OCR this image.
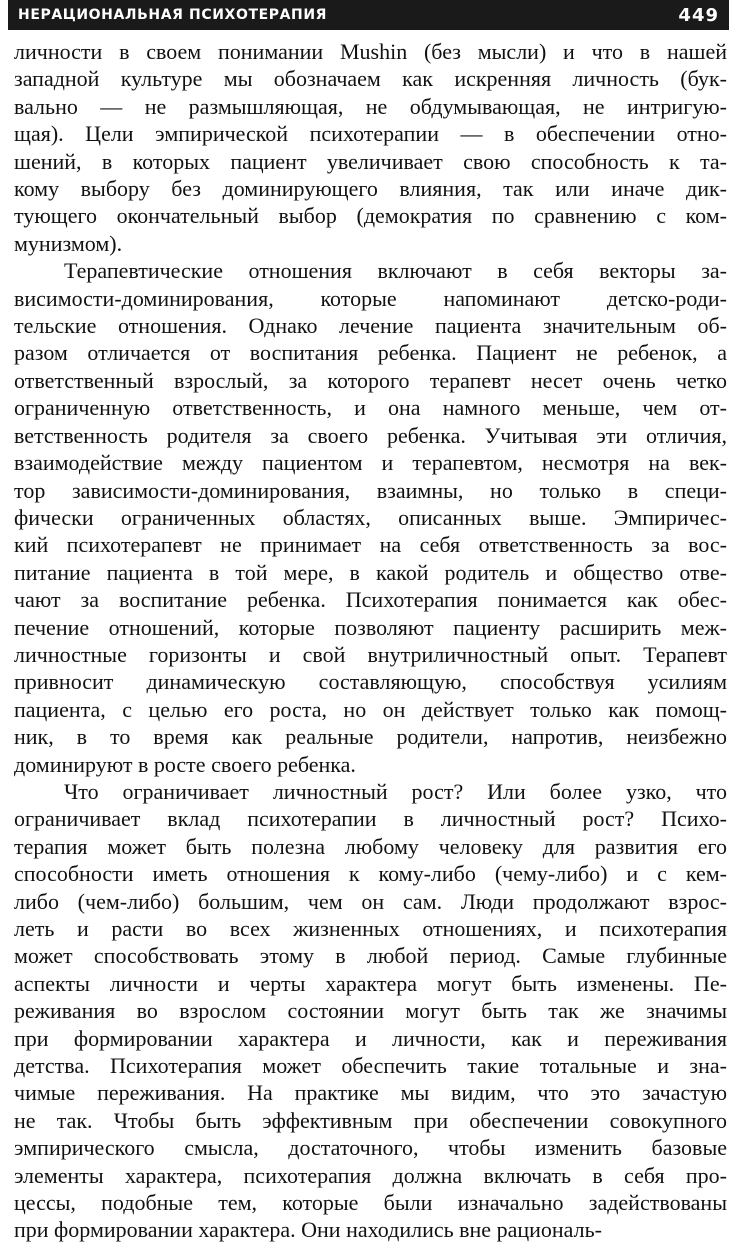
НЕРАЦИОНАЛЬНАЯ ПСИХОТЕРАПИЯ	449

личности в своем понимании Mushin (без мысли) и что в нашей
западной культуре мы обозначаем как искренняя личность (бук-
вально — не размышляющая, не обдумывающая, не интригую-
щая). Цели эмпирической психотерапии — в обеспечении отно-
шений, в которых пациент увеличивает свою способность к та-
кому выбору без доминирующего влияния, так или иначе дик-
тующего окончательный выбор (демократия по сравнению с ком-
мунизмом).

Терапевтические отношения включают в себя векторы за-
висимости-доминирования, которые напоминают детско-роди-
тельские отношения. Однако лечение пациента значительным об-
разом отличается от воспитания ребенка. Пациент не ребенок, а
ответственный взрослый, за которого терапевт несет очень четко
ограниченную ответственность, и она намного меньше, чем от-
ветственность родителя за своего ребенка. Учитывая эти отличия,
взаимодействие между пациентом и терапевтом, несмотря на век-
тор зависимости-доминирования, взаимны, но только в специ-
фически ограниченных областях, описанных выше. Эмпиричес-
кий психотерапевт не принимает на себя ответственность за вос-
питание пациента в той мере, в какой родитель и общество отве-
чают за воспитание ребенка. Психотерапия понимается как обес-
печение отношений, которые позволяют пациенту расширить меж-
личностные горизонты и свой внутриличностный опыт. Терапевт
привносит динамическую составляющую, способствуя усилиям
пациента, с целью его роста, но он действует только как помощ-
ник, в то время как реальные родители, напротив, неизбежно
доминируют в росте своего ребенка.

Что ограничивает личностный рост? Или более узко, что
ограничивает вклад психотерапии в личностный рост? Психо-
терапия может быть полезна любому человеку для развития его
способности иметь отношения к кому-либо (чему-либо) и с кем-
либо (чем-либо) большим, чем он сам. Люди продолжают взрос-
леть и расти во всех жизненных отношениях, и психотерапия
может способствовать этому в любой период. Самые глубинные
аспекты личности и черты характера могут быть изменены. Пе-
реживания во взрослом состоянии могут быть так же значимы
при формировании характера и личности, как и переживания
детства. Психотерапия может обеспечить такие тотальные и зна-
чимые переживания. На практике мы видим, что это зачастую
не так. Чтобы быть эффективным при обеспечении совокупного
эмпирического смысла, достаточного, чтобы изменить базовые
элементы характера, психотерапия должна включать в себя про-
цессы, подобные тем, которые были изначально задействованы
при формировании характера. Они находились вне рациональ-
